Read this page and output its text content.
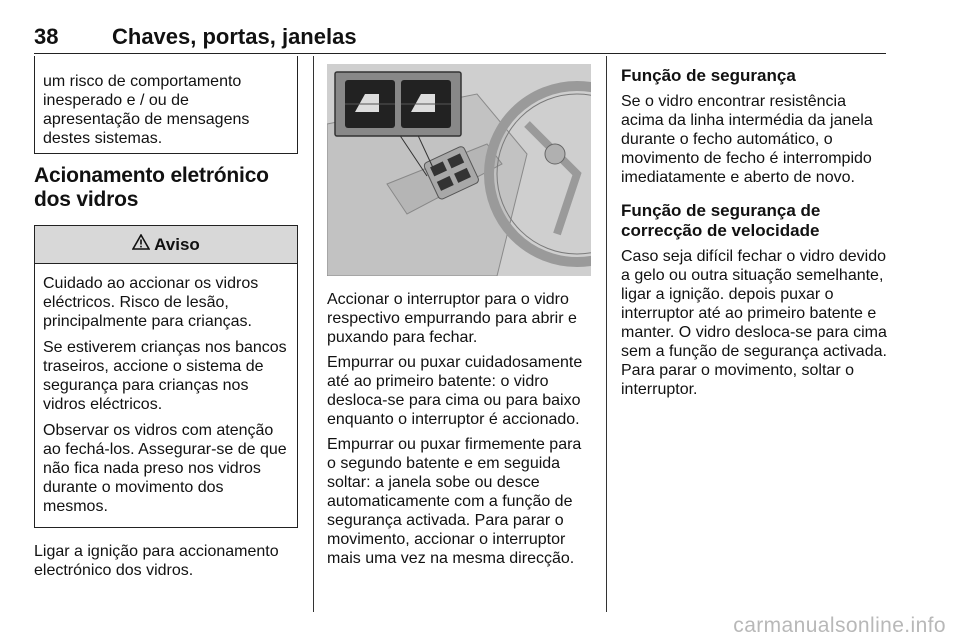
38 Chaves, portas, janelas

um risco de comportamento inesperado e / ou de apresentação de mensagens destes sistemas.

Acionamento eletrónico dos vidros
Aviso

Cuidado ao accionar os vidros eléctricos. Risco de lesão, principalmente para crianças.

Se estiverem crianças nos bancos traseiros, accione o sistema de segurança para crianças nos vidros eléctricos.

Observar os vidros com atenção ao fechá-los. Assegurar-se de que não fica nada preso nos vidros durante o movimento dos mesmos.

Ligar a ignição para accionamento electrónico dos vidros.

Accionar o interruptor para o vidro respectivo empurrando para abrir e puxando para fechar.

Empurrar ou puxar cuidadosamente até ao primeiro batente: o vidro desloca-se para cima ou para baixo enquanto o interruptor é accionado.

Empurrar ou puxar firmemente para o segundo batente e em seguida soltar: a janela sobe ou desce automaticamente com a função de segurança activada. Para parar o movimento, accionar o interruptor mais uma vez na mesma direcção.

Função de segurança

Se o vidro encontrar resistência acima da linha intermédia da janela durante o fecho automático, o movimento de fecho é interrompido imediatamente e aberto de novo.

Função de segurança de correcção de velocidade

Caso seja difícil fechar o vidro devido a gelo ou outra situação semelhante, ligar a ignição. depois puxar o interruptor até ao primeiro batente e manter. O vidro desloca-se para cima sem a função de segurança activada. Para parar o movimento, soltar o interruptor.

carmanualsonline.info
